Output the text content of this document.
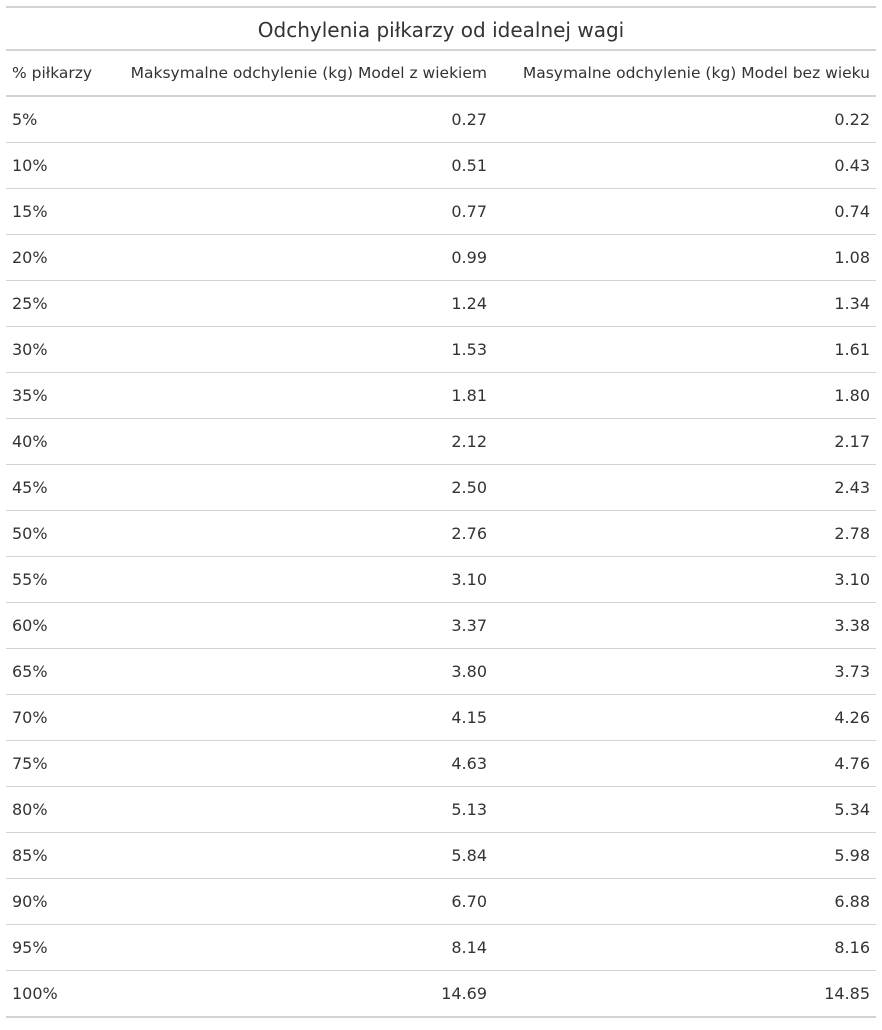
Odchylenia piłkarzy od idealnej wagi
% piłkarzy	Maksymalne odchylenie (kg) Model z wiekiem	Masymalne odchylenie (kg) Model bez wieku
5%	0.27	0.22
10%	0.51	0.43
15%	0.77	0.74
20%	0.99	1.08
25%	1.24	1.34
30%	1.53	1.61
35%	1.81	1.80
40%	2.12	2.17
45%	2.50	2.43
50%	2.76	2.78
55%	3.10	3.10
60%	3.37	3.38
65%	3.80	3.73
70%	4.15	4.26
75%	4.63	4.76
80%	5.13	5.34
85%	5.84	5.98
90%	6.70	6.88
95%	8.14	8.16
100%	14.69	14.85
